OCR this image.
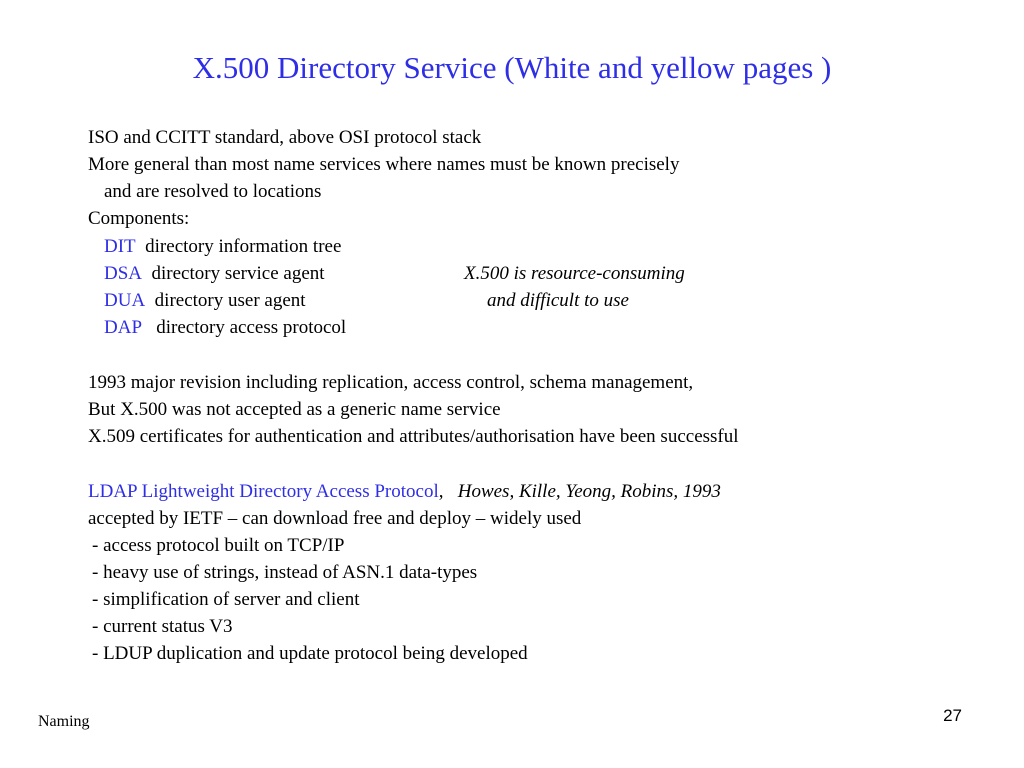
X.500 Directory Service (White and yellow pages )
ISO and CCITT standard, above OSI protocol stack
More general than most name services where names must be known precisely
and are resolved to locations
Components:
DIT directory information tree
DSA directory service agent
DUA directory user agent
DAP directory access protocol
X.500 is resource-consuming
and difficult to use
1993 major revision including replication, access control, schema management,
But X.500 was not accepted as a generic name service
X.509 certificates for authentication and attributes/authorisation have been successful
LDAP Lightweight Directory Access Protocol, Howes, Kille, Yeong, Robins, 1993
accepted by IETF – can download free and deploy – widely used
- access protocol built on TCP/IP
- heavy use of strings, instead of ASN.1 data-types
- simplification of server and client
- current status V3
- LDUP duplication and update protocol being developed
Naming	27
